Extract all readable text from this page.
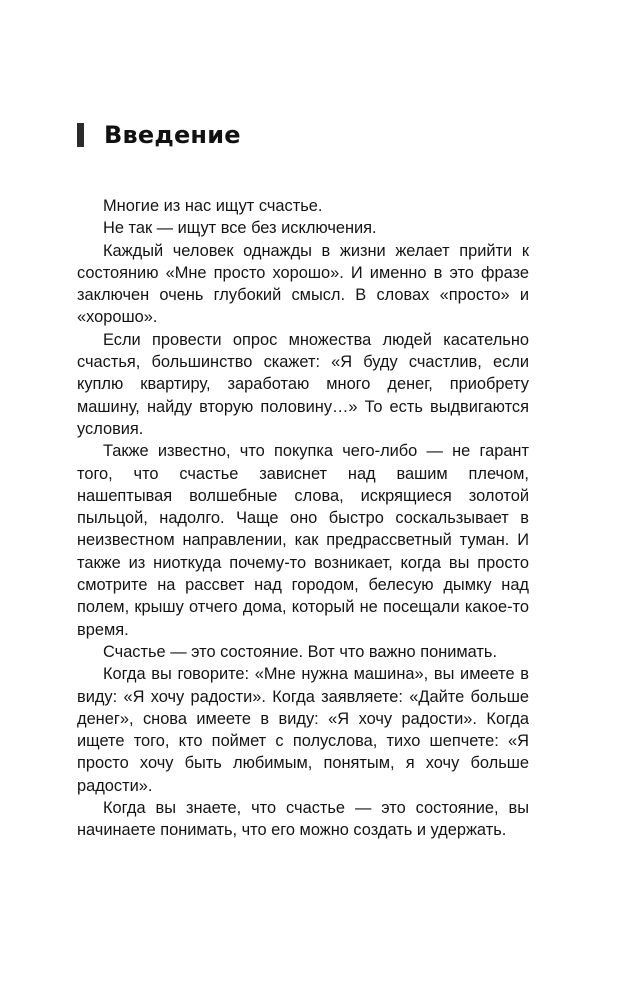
Введение

Многие из нас ищут счастье.

Не так — ищут все без исключения.

Каждый человек однажды в жизни желает прийти к состоянию «Мне просто хорошо». И именно в это фразе заключен очень глубокий смысл. В словах «просто» и «хорошо».

Если провести опрос множества людей касательно счастья, большинство скажет: «Я буду счастлив, если куплю квартиру, заработаю много денег, приобрету машину, найду вторую половину…» То есть выдвигаются условия.

Также известно, что покупка чего-либо — не гарант того, что счастье зависнет над вашим плечом, нашептывая волшебные слова, искрящиеся золотой пыльцой, надолго. Чаще оно быстро соскальзывает в неизвестном направлении, как предрассветный туман. И также из ниоткуда почему-то возникает, когда вы просто смотрите на рассвет над городом, белесую дымку над полем, крышу отчего дома, который не посещали какое-то время.

Счастье — это состояние. Вот что важно понимать.

Когда вы говорите: «Мне нужна машина», вы имеете в виду: «Я хочу радости». Когда заявляете: «Дайте больше денег», снова имеете в виду: «Я хочу радости». Когда ищете того, кто поймет с полуслова, тихо шепчете: «Я просто хочу быть любимым, понятым, я хочу больше радости».

Когда вы знаете, что счастье — это состояние, вы начинаете понимать, что его можно создать и удержать.
